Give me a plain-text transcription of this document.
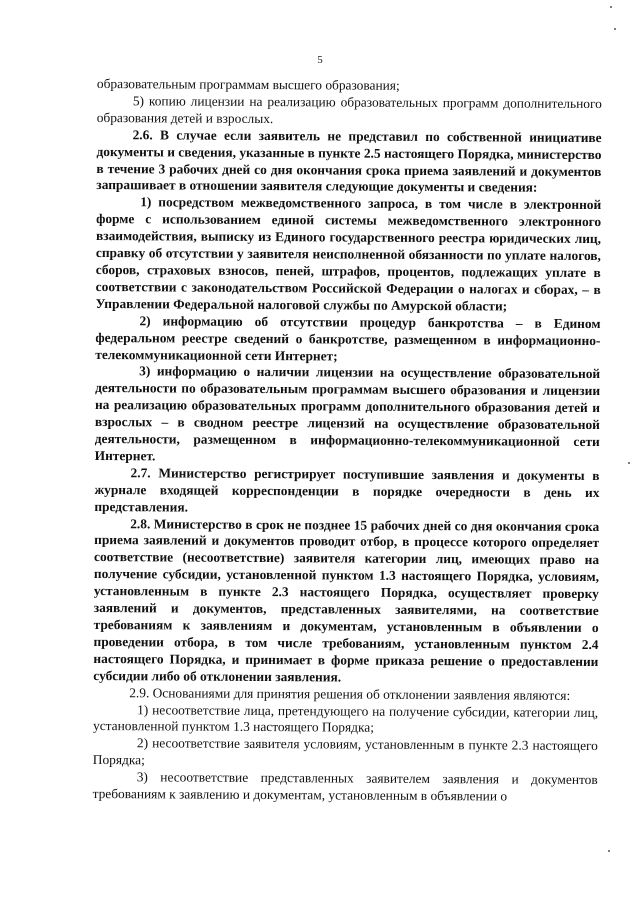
5

образовательным программам высшего образования;

5) копию лицензии на реализацию образовательных программ дополнительного образования детей и взрослых.

2.6. В случае если заявитель не представил по собственной инициативе документы и сведения, указанные в пункте 2.5 настоящего Порядка, министерство в течение 3 рабочих дней со дня окончания срока приема заявлений и документов запрашивает в отношении заявителя следующие документы и сведения:

1) посредством межведомственного запроса, в том числе в электронной форме с использованием единой системы межведомственного электронного взаимодействия, выписку из Единого государственного реестра юридических лиц, справку об отсутствии у заявителя неисполненной обязанности по уплате налогов, сборов, страховых взносов, пеней, штрафов, процентов, подлежащих уплате в соответствии с законодательством Российской Федерации о налогах и сборах, – в Управлении Федеральной налоговой службы по Амурской области;

2) информацию об отсутствии процедур банкротства – в Едином федеральном реестре сведений о банкротстве, размещенном в информационно-телекоммуникационной сети Интернет;

3) информацию о наличии лицензии на осуществление образовательной деятельности по образовательным программам высшего образования и лицензии на реализацию образовательных программ дополнительного образования детей и взрослых – в сводном реестре лицензий на осуществление образовательной деятельности, размещенном в информационно-телекоммуникационной сети Интернет.

2.7. Министерство регистрирует поступившие заявления и документы в журнале входящей корреспонденции в порядке очередности в день их представления.

2.8. Министерство в срок не позднее 15 рабочих дней со дня окончания срока приема заявлений и документов проводит отбор, в процессе которого определяет соответствие (несоответствие) заявителя категории лиц, имеющих право на получение субсидии, установленной пунктом 1.3 настоящего Порядка, условиям, установленным в пункте 2.3 настоящего Порядка, осуществляет проверку заявлений и документов, представленных заявителями, на соответствие требованиям к заявлениям и документам, установленным в объявлении о проведении отбора, в том числе требованиям, установленным пунктом 2.4 настоящего Порядка, и принимает в форме приказа решение о предоставлении субсидии либо об отклонении заявления.

2.9. Основаниями для принятия решения об отклонении заявления являются:

1) несоответствие лица, претендующего на получение субсидии, категории лиц, установленной пунктом 1.3 настоящего Порядка;

2) несоответствие заявителя условиям, установленным в пункте 2.3 настоящего Порядка;

3) несоответствие представленных заявителем заявления и документов требованиям к заявлению и документам, установленным в объявлении о
